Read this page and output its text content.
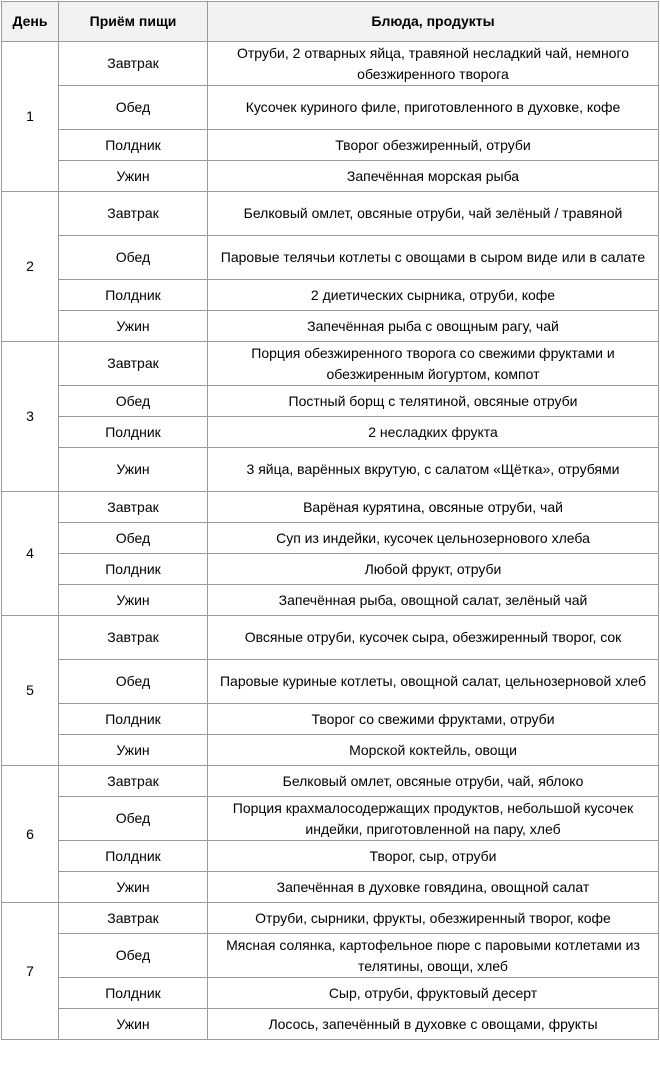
День	Приём пищи	Блюда, продукты
1	Завтрак	Отруби, 2 отварных яйца, травяной несладкий чай, немного обезжиренного творога
	Обед	Кусочек куриного филе, приготовленного в духовке, кофе
	Полдник	Творог обезжиренный, отруби
	Ужин	Запечённая морская рыба
2	Завтрак	Белковый омлет, овсяные отруби, чай зелёный / травяной
	Обед	Паровые телячьи котлеты с овощами в сыром виде или в салате
	Полдник	2 диетических сырника, отруби, кофе
	Ужин	Запечённая рыба с овощным рагу, чай
3	Завтрак	Порция обезжиренного творога со свежими фруктами и обезжиренным йогуртом, компот
	Обед	Постный борщ с телятиной, овсяные отруби
	Полдник	2 несладких фрукта
	Ужин	3 яйца, варённых вкрутую, с салатом «Щётка», отрубями
4	Завтрак	Варёная курятина, овсяные отруби, чай
	Обед	Суп из индейки, кусочек цельнозернового хлеба
	Полдник	Любой фрукт, отруби
	Ужин	Запечённая рыба, овощной салат, зелёный чай
5	Завтрак	Овсяные отруби, кусочек сыра, обезжиренный творог, сок
	Обед	Паровые куриные котлеты, овощной салат, цельнозерновой хлеб
	Полдник	Творог со свежими фруктами, отруби
	Ужин	Морской коктейль, овощи
6	Завтрак	Белковый омлет, овсяные отруби, чай, яблоко
	Обед	Порция крахмалосодержащих продуктов, небольшой кусочек индейки, приготовленной на пару, хлеб
	Полдник	Творог, сыр, отруби
	Ужин	Запечённая в духовке говядина, овощной салат
7	Завтрак	Отруби, сырники, фрукты, обезжиренный творог, кофе
	Обед	Мясная солянка, картофельное пюре с паровыми котлетами из телятины, овощи, хлеб
	Полдник	Сыр, отруби, фруктовый десерт
	Ужин	Лосось, запечённый в духовке с овощами, фрукты
